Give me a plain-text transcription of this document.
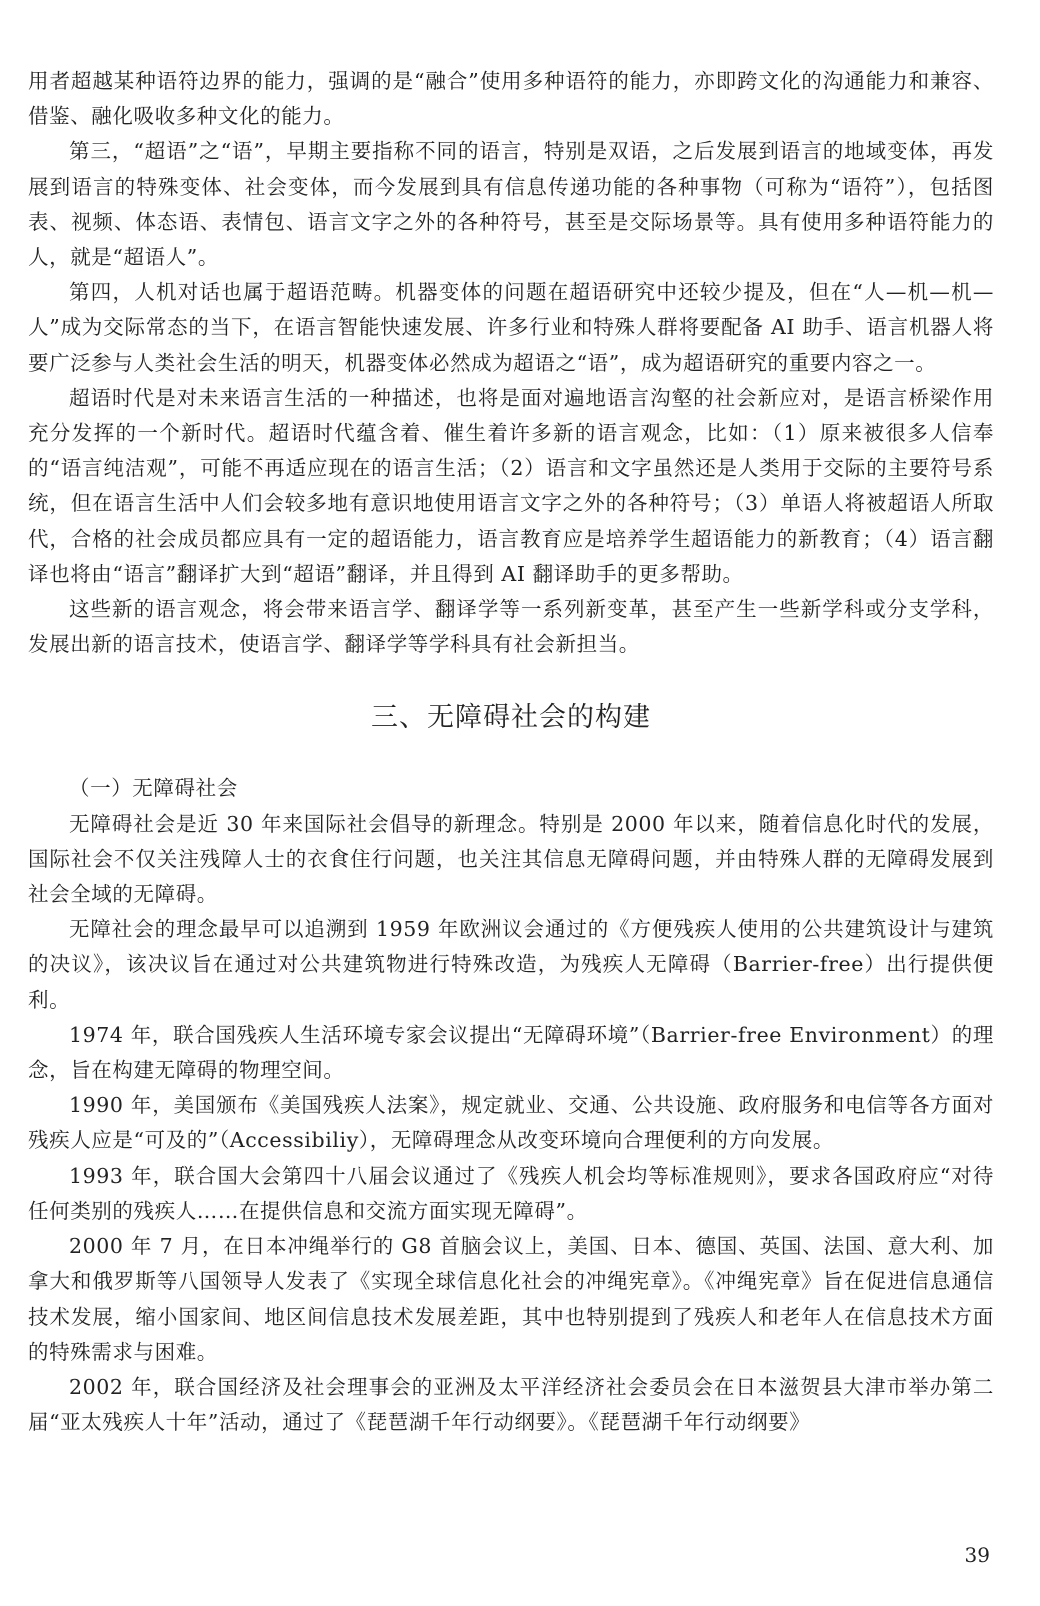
用者超越某种语符边界的能力，强调的是“融合”使用多种语符的能力，亦即跨文化的沟通能力和兼容、借鉴、融化吸收多种文化的能力。

第三，“超语”之“语”，早期主要指称不同的语言，特别是双语，之后发展到语言的地域变体，再发展到语言的特殊变体、社会变体，而今发展到具有信息传递功能的各种事物（可称为“语符”），包括图表、视频、体态语、表情包、语言文字之外的各种符号，甚至是交际场景等。具有使用多种语符能力的人，就是“超语人”。

第四，人机对话也属于超语范畴。机器变体的问题在超语研究中还较少提及，但在“人—机—机—人”成为交际常态的当下，在语言智能快速发展、许多行业和特殊人群将要配备 AI 助手、语言机器人将要广泛参与人类社会生活的明天，机器变体必然成为超语之“语”，成为超语研究的重要内容之一。

超语时代是对未来语言生活的一种描述，也将是面对遍地语言沟壑的社会新应对，是语言桥梁作用充分发挥的一个新时代。超语时代蕴含着、催生着许多新的语言观念，比如：（1）原来被很多人信奉的“语言纯洁观”，可能不再适应现在的语言生活；（2）语言和文字虽然还是人类用于交际的主要符号系统，但在语言生活中人们会较多地有意识地使用语言文字之外的各种符号；（3）单语人将被超语人所取代，合格的社会成员都应具有一定的超语能力，语言教育应是培养学生超语能力的新教育；（4）语言翻译也将由“语言”翻译扩大到“超语”翻译，并且得到 AI 翻译助手的更多帮助。

这些新的语言观念，将会带来语言学、翻译学等一系列新变革，甚至产生一些新学科或分支学科，发展出新的语言技术，使语言学、翻译学等学科具有社会新担当。

三、无障碍社会的构建

（一）无障碍社会

无障碍社会是近 30 年来国际社会倡导的新理念。特别是 2000 年以来，随着信息化时代的发展，国际社会不仅关注残障人士的衣食住行问题，也关注其信息无障碍问题，并由特殊人群的无障碍发展到社会全域的无障碍。

无障社会的理念最早可以追溯到 1959 年欧洲议会通过的《方便残疾人使用的公共建筑设计与建筑的决议》，该决议旨在通过对公共建筑物进行特殊改造，为残疾人无障碍（Barrier-free）出行提供便利。

1974 年，联合国残疾人生活环境专家会议提出“无障碍环境”（Barrier-free Environment）的理念，旨在构建无障碍的物理空间。

1990 年，美国颁布《美国残疾人法案》，规定就业、交通、公共设施、政府服务和电信等各方面对残疾人应是“可及的”（Accessibiliy），无障碍理念从改变环境向合理便利的方向发展。

1993 年，联合国大会第四十八届会议通过了《残疾人机会均等标准规则》，要求各国政府应“对待任何类别的残疾人……在提供信息和交流方面实现无障碍”。

2000 年 7 月，在日本冲绳举行的 G8 首脑会议上，美国、日本、德国、英国、法国、意大利、加拿大和俄罗斯等八国领导人发表了《实现全球信息化社会的冲绳宪章》。《冲绳宪章》旨在促进信息通信技术发展，缩小国家间、地区间信息技术发展差距，其中也特别提到了残疾人和老年人在信息技术方面的特殊需求与困难。

2002 年，联合国经济及社会理事会的亚洲及太平洋经济社会委员会在日本滋贺县大津市举办第二届“亚太残疾人十年”活动，通过了《琵琶湖千年行动纲要》。《琵琶湖千年行动纲要》

39
